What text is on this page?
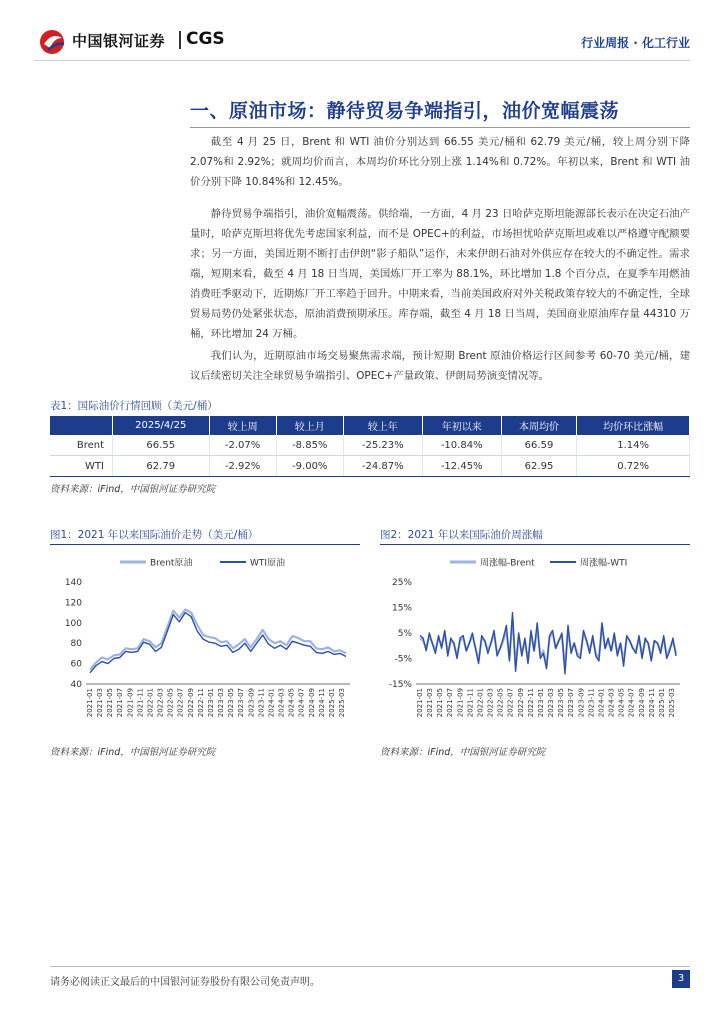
中国银河证券 CGS	行业周报 · 化工行业
一、原油市场：静待贸易争端指引，油价宽幅震荡

截至 4 月 25 日，Brent 和 WTI 油价分别达到 66.55 美元/桶和 62.79 美元/桶，较上周分别下降 2.07%和 2.92%；就周均价而言，本周均价环比分别上涨 1.14%和 0.72%。年初以来，Brent 和 WTI 油价分别下降 10.84%和 12.45%。

静待贸易争端指引，油价宽幅震荡。供给端，一方面，4 月 23 日哈萨克斯坦能源部长表示在决定石油产量时，哈萨克斯坦将优先考虑国家利益，而不是 OPEC+的利益，市场担忧哈萨克斯坦或难以严格遵守配额要求；另一方面，美国近期不断打击伊朗“影子船队”运作，未来伊朗石油对外供应存在较大的不确定性。需求端，短期来看，截至 4 月 18 日当周，美国炼厂开工率为 88.1%，环比增加 1.8 个百分点，在夏季车用燃油消费旺季驱动下，近期炼厂开工率趋于回升。中期来看，当前美国政府对外关税政策存较大的不确定性，全球贸易局势仍处紧张状态，原油消费预期承压。库存端，截至 4 月 18 日当周，美国商业原油库存量 44310 万桶，环比增加 24 万桶。

我们认为，近期原油市场交易聚焦需求端，预计短期 Brent 原油价格运行区间参考 60-70 美元/桶，建议后续密切关注全球贸易争端指引、OPEC+产量政策、伊朗局势演变情况等。

表1：国际油价行情回顾（美元/桶）
	2025/4/25	较上周	较上月	较上年	年初以来	本周均价	均价环比涨幅
Brent	66.55	-2.07%	-8.85%	-25.23%	-10.84%	66.59	1.14%
WTI	62.79	-2.92%	-9.00%	-24.87%	-12.45%	62.95	0.72%
资料来源：iFind，中国银河证券研究院
图1：2021 年以来国际油价走势（美元/桶）
Brent原油	WTI原油
140
120
100
80
60
40
2021-01 2021-03 2021-05 2021-07 2021-09 2021-11 2022-01 2022-03 2022-05 2022-07 2022-09 2022-11 2023-01 2023-03 2023-05 2023-07 2023-09 2023-11 2024-01 2024-03 2024-05 2024-07 2024-09 2024-11 2025-01 2025-03
资料来源：iFind，中国银河证券研究院
图2：2021 年以来国际油价周涨幅
周涨幅-Brent	周涨幅-WTI
25%
15%
5%
-5%
-15%
2021-01 2021-03 2021-05 2021-07 2021-09 2021-11 2022-01 2022-03 2022-05 2022-07 2022-09 2022-11 2023-01 2023-03 2023-05 2023-07 2023-09 2023-11 2024-01 2024-03 2024-05 2024-07 2024-09 2024-11 2025-01 2025-03
资料来源：iFind，中国银河证券研究院
请务必阅读正文最后的中国银河证券股份有限公司免责声明。	3
